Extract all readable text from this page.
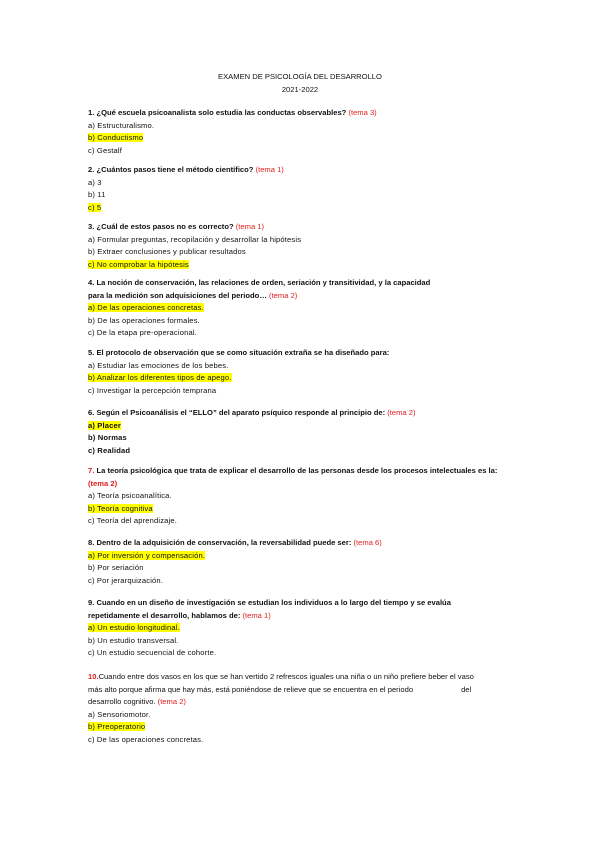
EXAMEN DE PSICOLOGÍA DEL DESARROLLO
2021-2022
1. ¿Qué escuela psicoanalista solo estudia las conductas observables? (tema 3)
a) Estructuralismo.
b) Conductismo
c) Gestalf
2. ¿Cuántos pasos tiene el método científico? (tema 1)
a) 3
b) 11
c) 5
3. ¿Cuál de estos pasos no es correcto? (tema 1)
a) Formular preguntas, recopilación y desarrollar la hipótesis
b) Extraer conclusiones y publicar resultados
c) No comprobar la hipótesis
4. La noción de conservación, las relaciones de orden, seriación y transitividad, y la capacidad
para la medición son adquisiciones del periodo… (tema 2)
a) De las operaciones concretas.
b) De las operaciones formales.
c) De la etapa pre-operacional.
5. El protocolo de observación que se como situación extraña se ha diseñado para:
a) Estudiar las emociones de los bebes.
b) Analizar los diferentes tipos de apego.
c) Investigar la percepción temprana
6. Según el Psicoanálisis el “ELLO” del aparato psíquico responde al principio de: (tema 2)
a) Placer
b) Normas
c) Realidad
7. La teoría psicológica que trata de explicar el desarrollo de las personas desde los procesos intelectuales es la:
(tema 2)
a) Teoría psicoanalítica.
b) Teoría cognitiva
c) Teoría del aprendizaje.
8. Dentro de la adquisición de conservación, la reversabilidad puede ser: (tema 6)
a) Por inversión y compensación.
b) Por seriación
c) Por jerarquización.
9. Cuando en un diseño de investigación se estudian los individuos a lo largo del tiempo y se evalúa
repetidamente el desarrollo, hablamos de: (tema 1)
a) Un estudio longitudinal.
b) Un estudio transversal.
c) Un estudio secuencial de cohorte.
10.Cuando entre dos vasos en los que se han vertido 2 refrescos iguales una niña o un niño prefiere beber el vaso
más alto porque afirma que hay más, está poniéndose de relieve que se encuentra en el periodo	del
desarrollo cognitivo. (tema 2)
a) Sensoriomotor.
b) Preoperatorio
c) De las operaciones concretas.
